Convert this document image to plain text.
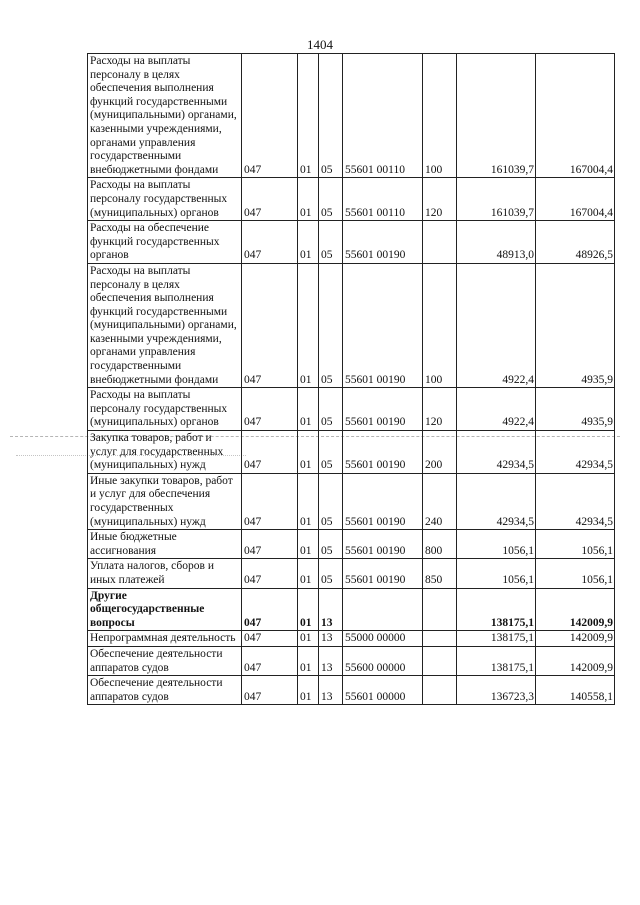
1404
Расходы на выплаты персоналу в целях обеспечения выполнения функций государственными (муниципальными) органами, казенными учреждениями, органами управления государственными внебюджетными фондами	047	01	05	55601 00110	100	161039,7	167004,4
Расходы на выплаты персоналу государственных (муниципальных) органов	047	01	05	55601 00110	120	161039,7	167004,4
Расходы на обеспечение функций государственных органов	047	01	05	55601 00190		48913,0	48926,5
Расходы на выплаты персоналу в целях обеспечения выполнения функций государственными (муниципальными) органами, казенными учреждениями, органами управления государственными внебюджетными фондами	047	01	05	55601 00190	100	4922,4	4935,9
Расходы на выплаты персоналу государственных (муниципальных) органов	047	01	05	55601 00190	120	4922,4	4935,9
Закупка товаров, работ и услуг для государственных (муниципальных) нужд	047	01	05	55601 00190	200	42934,5	42934,5
Иные закупки товаров, работ и услуг для обеспечения государственных (муниципальных) нужд	047	01	05	55601 00190	240	42934,5	42934,5
Иные бюджетные ассигнования	047	01	05	55601 00190	800	1056,1	1056,1
Уплата налогов, сборов и иных платежей	047	01	05	55601 00190	850	1056,1	1056,1
Другие общегосударственные вопросы	047	01	13			138175,1	142009,9
Непрограммная деятельность	047	01	13	55000 00000		138175,1	142009,9
Обеспечение деятельности аппаратов судов	047	01	13	55600 00000		138175,1	142009,9
Обеспечение деятельности аппаратов судов	047	01	13	55601 00000		136723,3	140558,1
